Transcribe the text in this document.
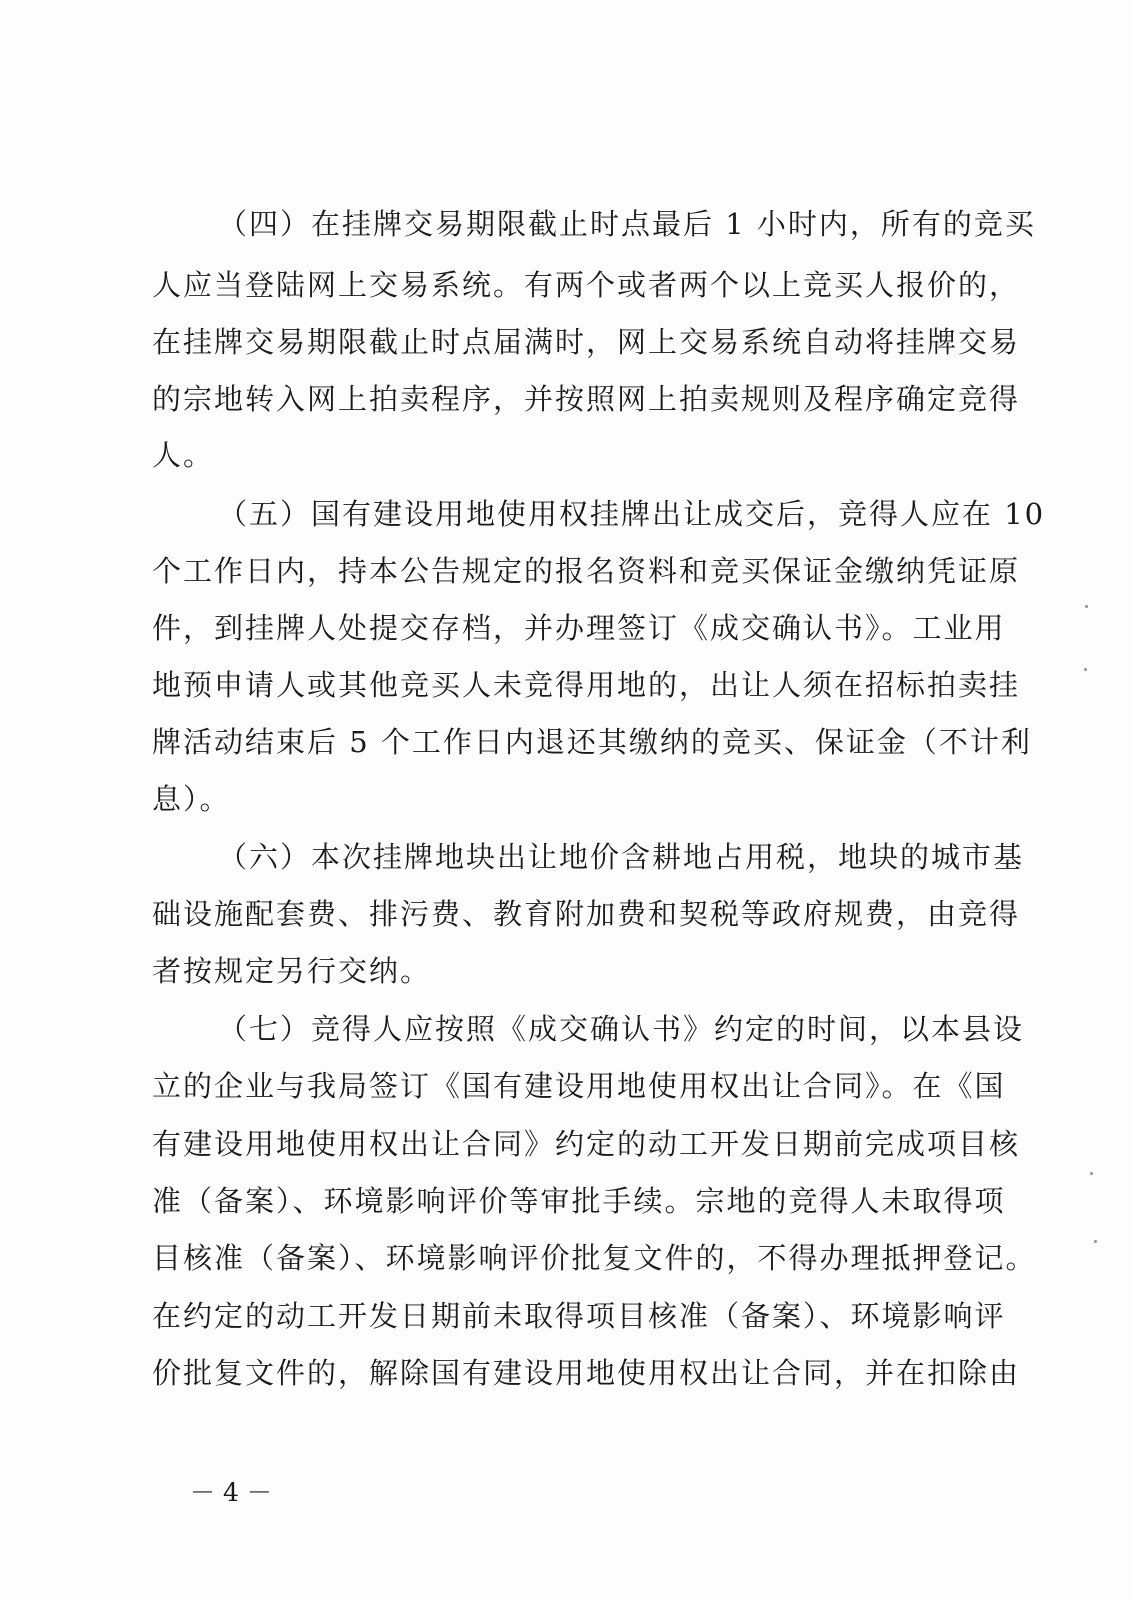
（四）在挂牌交易期限截止时点最后 1 小时内，所有的竞买
人应当登陆网上交易系统。有两个或者两个以上竞买人报价的，
在挂牌交易期限截止时点届满时，网上交易系统自动将挂牌交易
的宗地转入网上拍卖程序，并按照网上拍卖规则及程序确定竞得
人。
（五）国有建设用地使用权挂牌出让成交后，竞得人应在 10
个工作日内，持本公告规定的报名资料和竞买保证金缴纳凭证原
件，到挂牌人处提交存档，并办理签订《成交确认书》。工业用
地预申请人或其他竞买人未竞得用地的，出让人须在招标拍卖挂
牌活动结束后 5 个工作日内退还其缴纳的竞买、保证金（不计利
息）。
（六）本次挂牌地块出让地价含耕地占用税，地块的城市基
础设施配套费、排污费、教育附加费和契税等政府规费，由竞得
者按规定另行交纳。
（七）竞得人应按照《成交确认书》约定的时间，以本县设
立的企业与我局签订《国有建设用地使用权出让合同》。在《国
有建设用地使用权出让合同》约定的动工开发日期前完成项目核
准（备案）、环境影响评价等审批手续。宗地的竞得人未取得项
目核准（备案）、环境影响评价批复文件的，不得办理抵押登记。
在约定的动工开发日期前未取得项目核准（备案）、环境影响评
价批复文件的，解除国有建设用地使用权出让合同，并在扣除由
－ 4 －
